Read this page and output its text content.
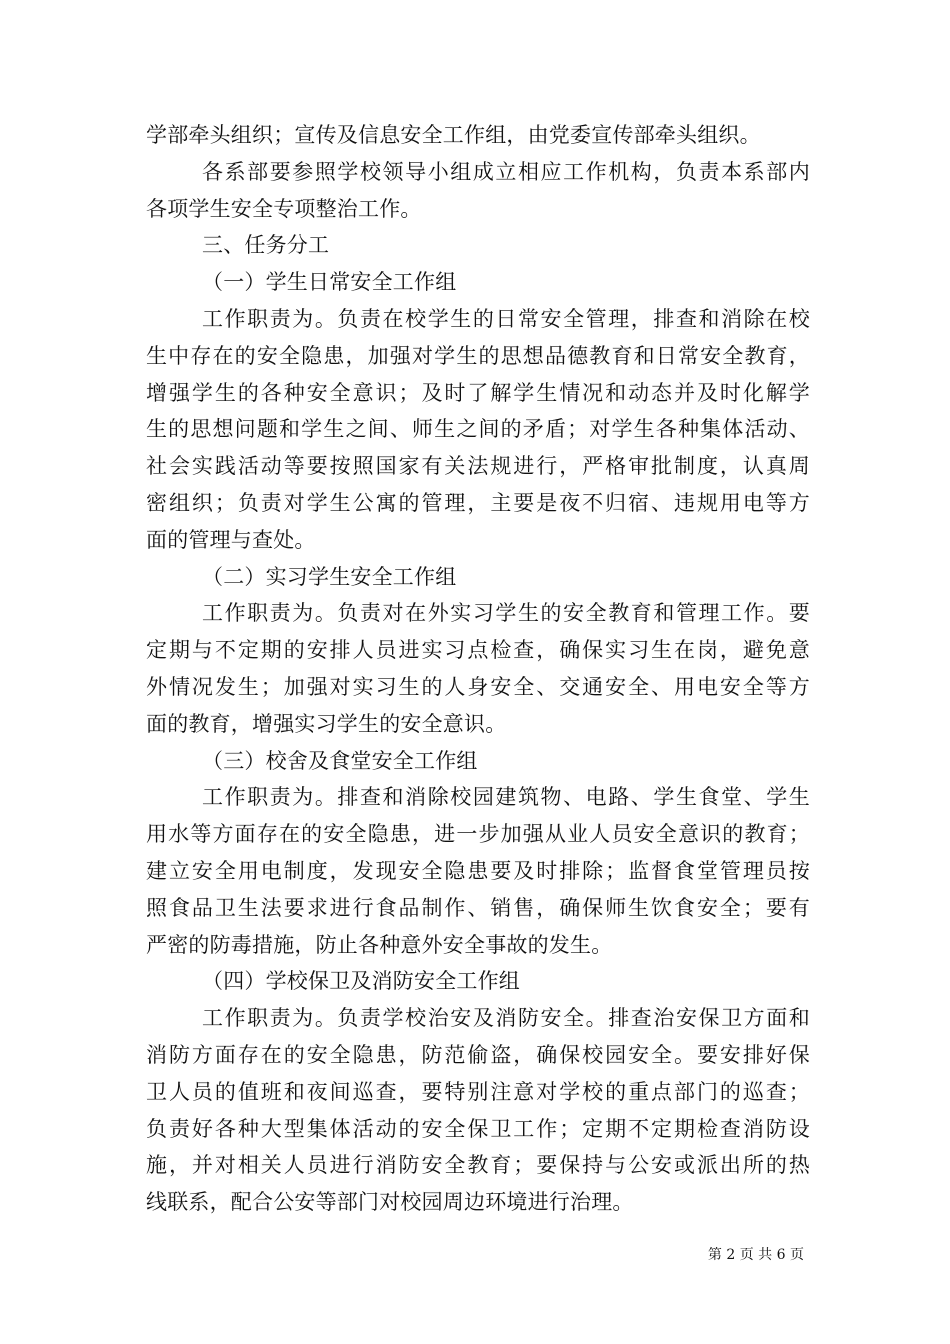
学部牵头组织；宣传及信息安全工作组，由党委宣传部牵头组织。
各系部要参照学校领导小组成立相应工作机构，负责本系部内
各项学生安全专项整治工作。
三、任务分工
（一）学生日常安全工作组
工作职责为。负责在校学生的日常安全管理，排查和消除在校
生中存在的安全隐患，加强对学生的思想品德教育和日常安全教育，
增强学生的各种安全意识；及时了解学生情况和动态并及时化解学
生的思想问题和学生之间、师生之间的矛盾；对学生各种集体活动、
社会实践活动等要按照国家有关法规进行，严格审批制度，认真周
密组织；负责对学生公寓的管理，主要是夜不归宿、违规用电等方
面的管理与查处。
（二）实习学生安全工作组
工作职责为。负责对在外实习学生的安全教育和管理工作。要
定期与不定期的安排人员进实习点检查，确保实习生在岗，避免意
外情况发生；加强对实习生的人身安全、交通安全、用电安全等方
面的教育，增强实习学生的安全意识。
（三）校舍及食堂安全工作组
工作职责为。排查和消除校园建筑物、电路、学生食堂、学生
用水等方面存在的安全隐患，进一步加强从业人员安全意识的教育；
建立安全用电制度，发现安全隐患要及时排除；监督食堂管理员按
照食品卫生法要求进行食品制作、销售，确保师生饮食安全；要有
严密的防毒措施，防止各种意外安全事故的发生。
（四）学校保卫及消防安全工作组
工作职责为。负责学校治安及消防安全。排查治安保卫方面和
消防方面存在的安全隐患，防范偷盗，确保校园安全。要安排好保
卫人员的值班和夜间巡查，要特别注意对学校的重点部门的巡查；
负责好各种大型集体活动的安全保卫工作；定期不定期检查消防设
施，并对相关人员进行消防安全教育；要保持与公安或派出所的热
线联系，配合公安等部门对校园周边环境进行治理。
第 2 页 共 6 页
